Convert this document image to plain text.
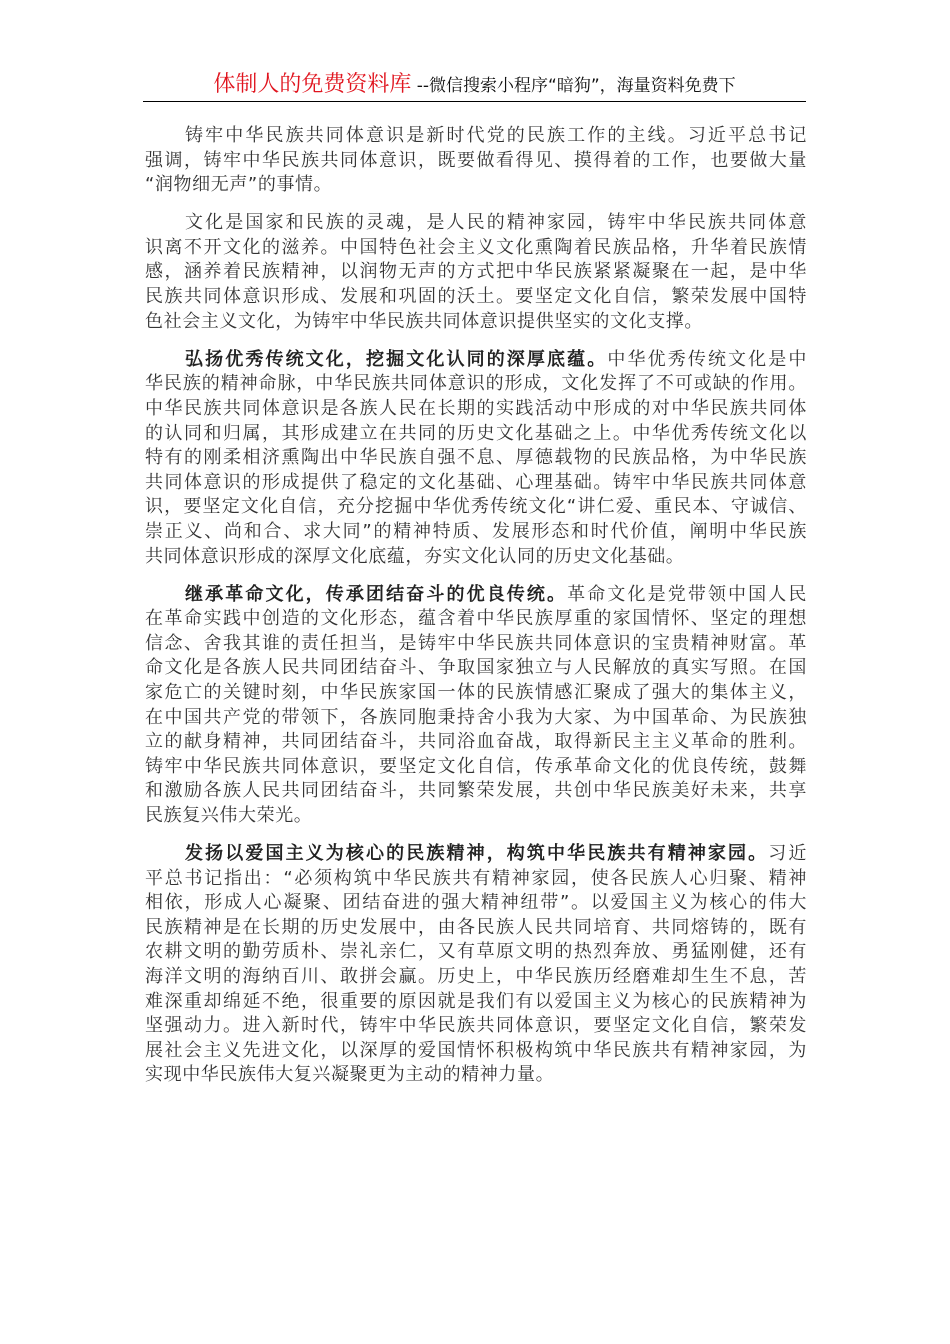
体制人的免费资料库 --微信搜索小程序“暗狗”，海量资料免费下
铸牢中华民族共同体意识是新时代党的民族工作的主线。习近平总书记
强调，铸牢中华民族共同体意识，既要做看得见、摸得着的工作，也要做大量
“润物细无声”的事情。
文化是国家和民族的灵魂，是人民的精神家园，铸牢中华民族共同体意
识离不开文化的滋养。中国特色社会主义文化熏陶着民族品格，升华着民族情
感，涵养着民族精神，以润物无声的方式把中华民族紧紧凝聚在一起，是中华
民族共同体意识形成、发展和巩固的沃土。要坚定文化自信，繁荣发展中国特
色社会主义文化，为铸牢中华民族共同体意识提供坚实的文化支撑。
弘扬优秀传统文化，挖掘文化认同的深厚底蕴。中华优秀传统文化是中
华民族的精神命脉，中华民族共同体意识的形成，文化发挥了不可或缺的作用。
中华民族共同体意识是各族人民在长期的实践活动中形成的对中华民族共同体
的认同和归属，其形成建立在共同的历史文化基础之上。中华优秀传统文化以
特有的刚柔相济熏陶出中华民族自强不息、厚德载物的民族品格，为中华民族
共同体意识的形成提供了稳定的文化基础、心理基础。铸牢中华民族共同体意
识，要坚定文化自信，充分挖掘中华优秀传统文化“讲仁爱、重民本、守诚信、
崇正义、尚和合、求大同”的精神特质、发展形态和时代价值，阐明中华民族
共同体意识形成的深厚文化底蕴，夯实文化认同的历史文化基础。
继承革命文化，传承团结奋斗的优良传统。革命文化是党带领中国人民
在革命实践中创造的文化形态，蕴含着中华民族厚重的家国情怀、坚定的理想
信念、舍我其谁的责任担当，是铸牢中华民族共同体意识的宝贵精神财富。革
命文化是各族人民共同团结奋斗、争取国家独立与人民解放的真实写照。在国
家危亡的关键时刻，中华民族家国一体的民族情感汇聚成了强大的集体主义，
在中国共产党的带领下，各族同胞秉持舍小我为大家、为中国革命、为民族独
立的献身精神，共同团结奋斗，共同浴血奋战，取得新民主主义革命的胜利。
铸牢中华民族共同体意识，要坚定文化自信，传承革命文化的优良传统，鼓舞
和激励各族人民共同团结奋斗，共同繁荣发展，共创中华民族美好未来，共享
民族复兴伟大荣光。
发扬以爱国主义为核心的民族精神，构筑中华民族共有精神家园。习近
平总书记指出：“必须构筑中华民族共有精神家园，使各民族人心归聚、精神
相依，形成人心凝聚、团结奋进的强大精神纽带”。以爱国主义为核心的伟大
民族精神是在长期的历史发展中，由各民族人民共同培育、共同熔铸的，既有
农耕文明的勤劳质朴、崇礼亲仁，又有草原文明的热烈奔放、勇猛刚健，还有
海洋文明的海纳百川、敢拼会赢。历史上，中华民族历经磨难却生生不息，苦
难深重却绵延不绝，很重要的原因就是我们有以爱国主义为核心的民族精神为
坚强动力。进入新时代，铸牢中华民族共同体意识，要坚定文化自信，繁荣发
展社会主义先进文化，以深厚的爱国情怀积极构筑中华民族共有精神家园，为
实现中华民族伟大复兴凝聚更为主动的精神力量。
